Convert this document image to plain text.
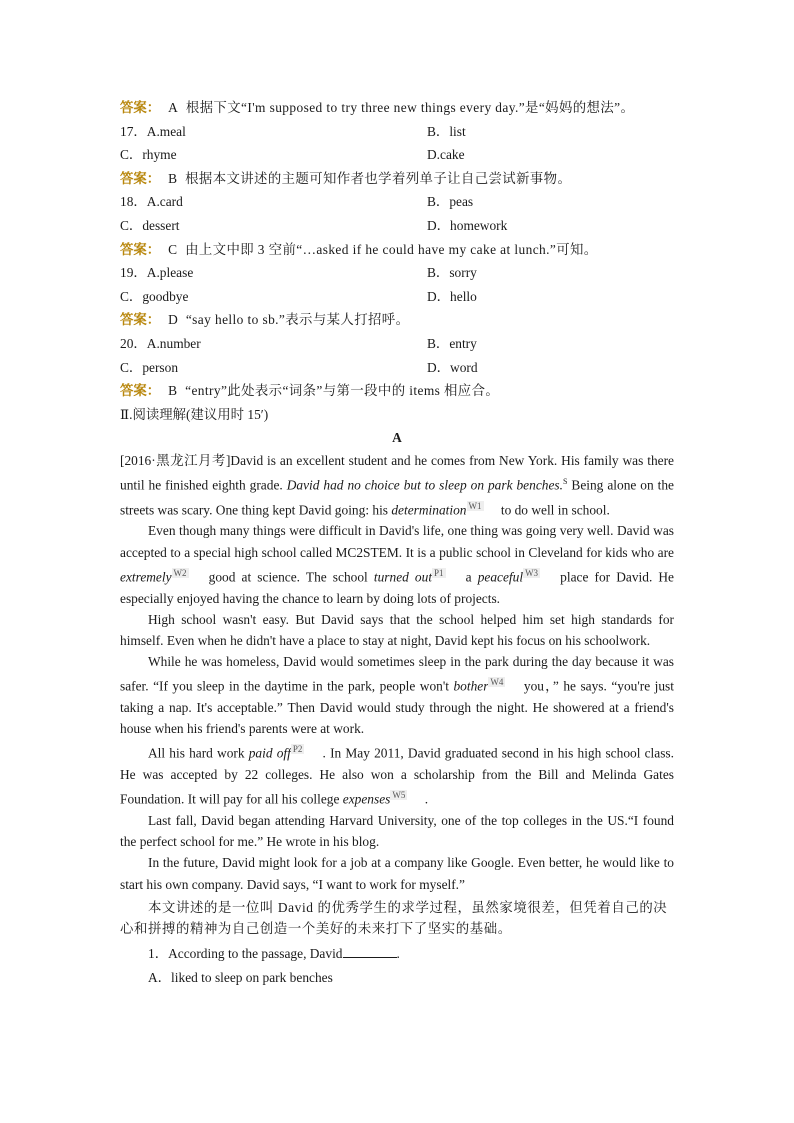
答案： A 根据下文“I'm supposed to try three new things every day.”是“妈妈的想法”。
17．A.meal	B．list
C．rhyme	D.cake
答案： B 根据本文讲述的主题可知作者也学着列单子让自己尝试新事物。
18．A.card	B．peas
C．dessert	D．homework
答案： C 由上文中即 3 空前“…asked if he could have my cake at lunch.”可知。
19．A.please	B．sorry
C．goodbye	D．hello
答案： D “say hello to sb.”表示与某人打招呼。
20．A.number	B．entry
C．person	D．word
答案： B “entry”此处表示“词条”与第一段中的 items 相应合。
Ⅱ.阅读理解(建议用时 15′)
A

[2016·黑龙江月考]David is an excellent student and he comes from New York. His family was there until he finished eighth grade. David had no choice but to sleep on park benches.$^S$ Being alone on the streets was scary. One thing kept David going: his determination $^{W1}$ to do well in school.

Even though many things were difficult in David's life, one thing was going very well. David was accepted to a special high school called MC2STEM. It is a public school in Cleveland for kids who are extremely $^{W2}$ good at science. The school turned out $^{P1}$ a peaceful $^{W3}$ place for David. He especially enjoyed having the chance to learn by doing lots of projects.

High school wasn't easy. But David says that the school helped him set high standards for himself. Even when he didn't have a place to stay at night, David kept his focus on his schoolwork.

While he was homeless, David would sometimes sleep in the park during the day because it was safer. “If you sleep in the daytime in the park, people won't bother $^{W4}$ you，” he says. “you're just taking a nap. It's acceptable.” Then David would study through the night. He showered at a friend's house when his friend's parents were at work.

All his hard work paid off $^{P2}$ . In May 2011, David graduated second in his high school class. He was accepted by 22 colleges. He also won a scholarship from the Bill and Melinda Gates Foundation. It will pay for all his college expenses $^{W5}$ .

Last fall, David began attending Harvard University, one of the top colleges in the US.“I found the perfect school for me.” He wrote in his blog.

In the future, David might look for a job at a company like Google. Even better, he would like to start his own company. David says, “I want to work for myself.”

本文讲述的是一位叫 David 的优秀学生的求学过程，虽然家境很差，但凭着自己的决心和拼搏的精神为自己创造一个美好的未来打下了坚实的基础。

1．According to the passage, David	.
A．liked to sleep on park benches
